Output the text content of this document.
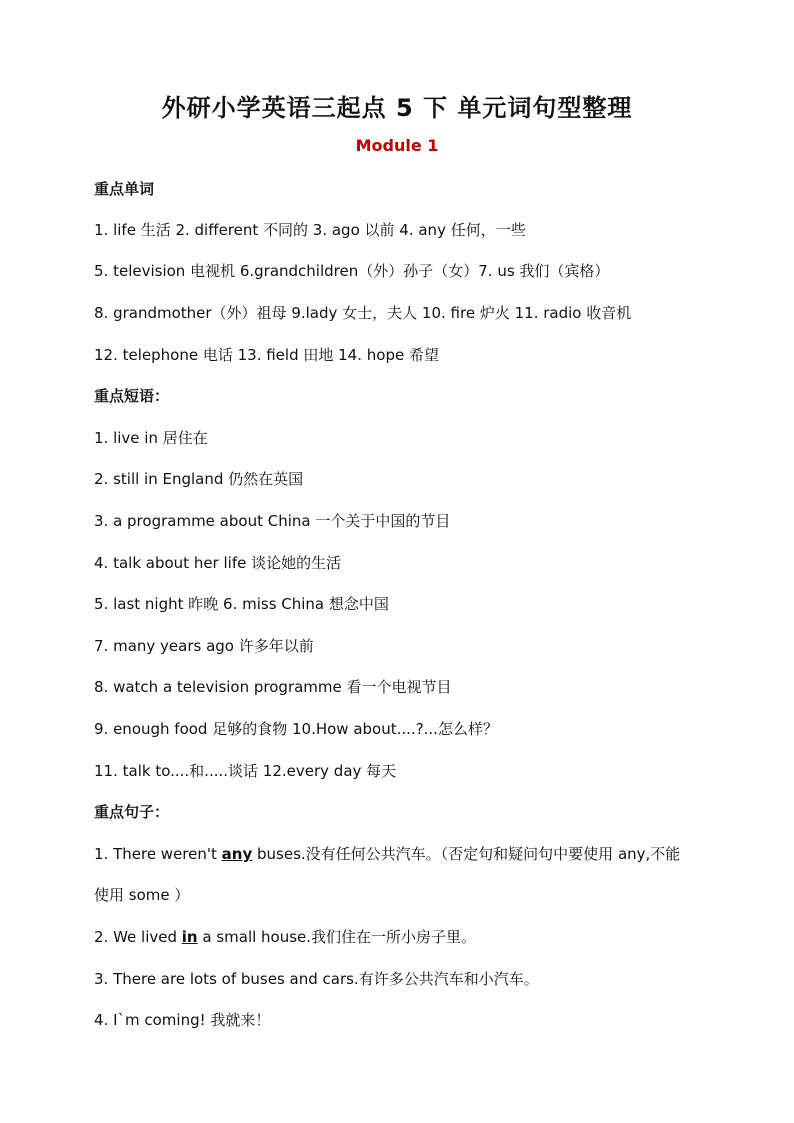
外研小学英语三起点 5 下 单元词句型整理
Module 1
重点单词
1. life 生活 2. different 不同的 3. ago 以前 4. any 任何，一些
5. television 电视机 6.grandchildren（外）孙子（女）7. us 我们（宾格）
8. grandmother（外）祖母 9.lady 女士，夫人 10. fire 炉火 11. radio 收音机
12. telephone 电话 13. field 田地 14. hope 希望
重点短语：
1. live in 居住在
2. still in England 仍然在英国
3. a programme about China 一个关于中国的节目
4. talk about her life 谈论她的生活
5. last night 昨晚 6. miss China 想念中国
7. many years ago 许多年以前
8. watch a television programme 看一个电视节目
9. enough food 足够的食物 10.How about....?...怎么样？
11. talk to....和.....谈话 12.every day 每天
重点句子：
1. There weren't any buses.没有任何公共汽车。（否定句和疑问句中要使用 any,不能
使用 some ）
2. We lived in a small house.我们住在一所小房子里。
3. There are lots of buses and cars.有许多公共汽车和小汽车。
4. I`m coming! 我就来！
